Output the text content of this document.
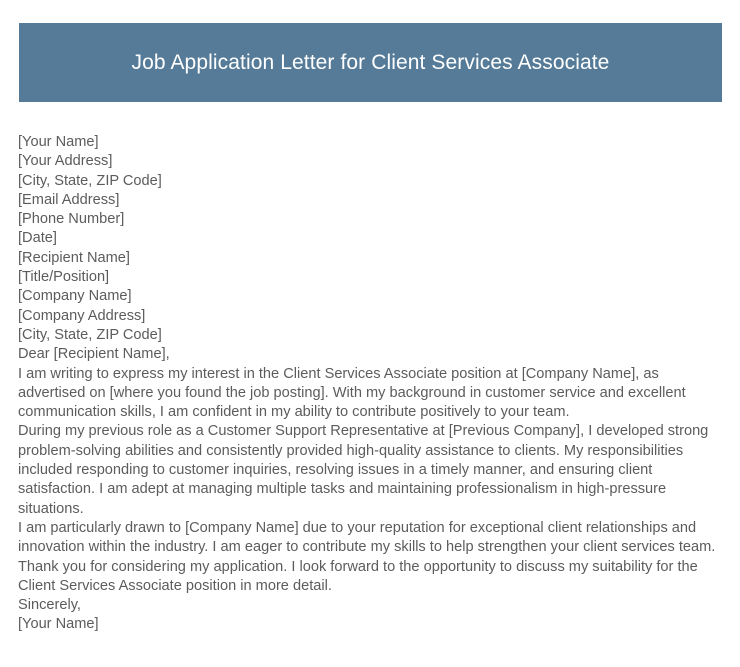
Job Application Letter for Client Services Associate
[Your Name]
[Your Address]
[City, State, ZIP Code]
[Email Address]
[Phone Number]
[Date]
[Recipient Name]
[Title/Position]
[Company Name]
[Company Address]
[City, State, ZIP Code]
Dear [Recipient Name],

I am writing to express my interest in the Client Services Associate position at [Company Name], as advertised on [where you found the job posting]. With my background in customer service and excellent communication skills, I am confident in my ability to contribute positively to your team.

During my previous role as a Customer Support Representative at [Previous Company], I developed strong problem-solving abilities and consistently provided high-quality assistance to clients. My responsibilities included responding to customer inquiries, resolving issues in a timely manner, and ensuring client satisfaction. I am adept at managing multiple tasks and maintaining professionalism in high-pressure situations.

I am particularly drawn to [Company Name] due to your reputation for exceptional client relationships and innovation within the industry. I am eager to contribute my skills to help strengthen your client services team.

Thank you for considering my application. I look forward to the opportunity to discuss my suitability for the Client Services Associate position in more detail.

Sincerely,
[Your Name]
